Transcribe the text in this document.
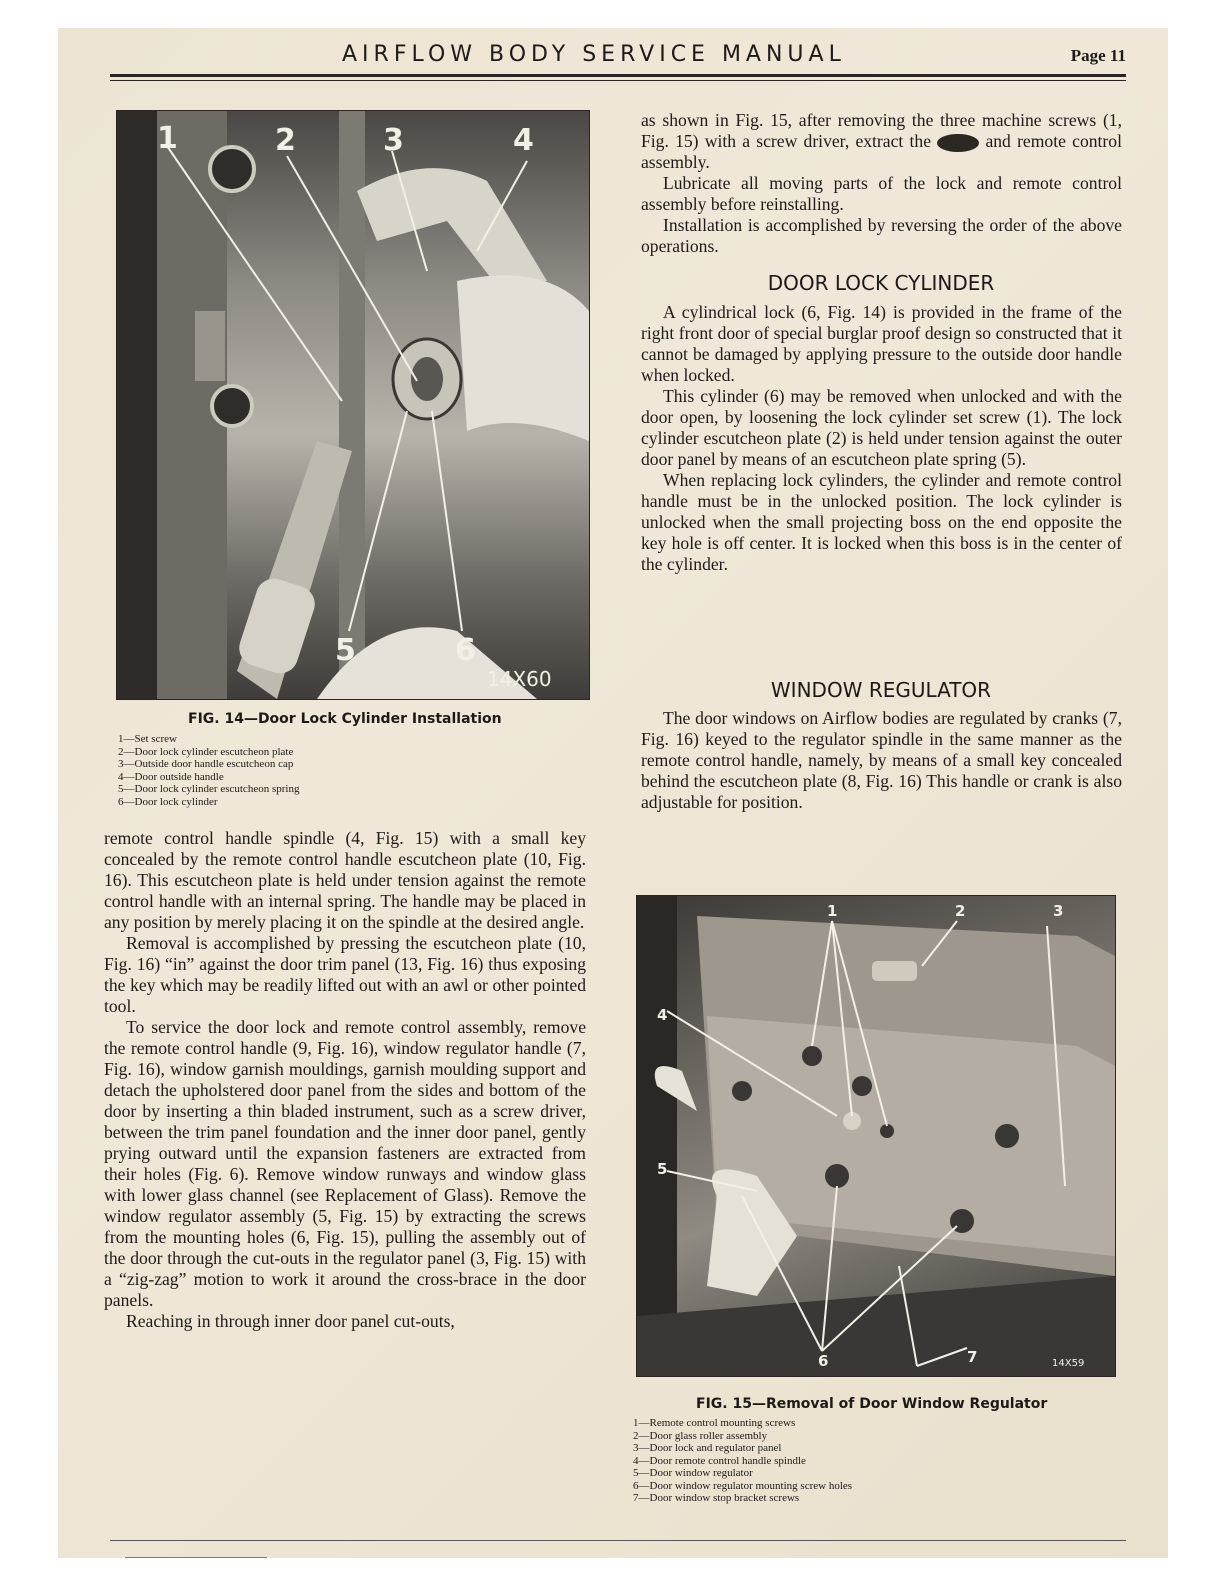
AIRFLOW BODY SERVICE MANUAL	Page 11
1	2	3	4
5	6
14X60
FIG. 14—Door Lock Cylinder Installation
1—Set screw
2—Door lock cylinder escutcheon plate
3—Outside door handle escutcheon cap
4—Door outside handle
5—Door lock cylinder escutcheon spring
6—Door lock cylinder

remote control handle spindle (4, Fig. 15) with a small key concealed by the remote control handle escutcheon plate (10, Fig. 16). This escutcheon plate is held under tension against the remote control handle with an internal spring. The handle may be placed in any position by merely placing it on the spindle at the desired angle.

Removal is accomplished by pressing the escutcheon plate (10, Fig. 16) “in” against the door trim panel (13, Fig. 16) thus exposing the key which may be readily lifted out with an awl or other pointed tool.

To service the door lock and remote control assembly, remove the remote control handle (9, Fig. 16), window regulator handle (7, Fig. 16), window garnish mouldings, garnish moulding support and detach the upholstered door panel from the sides and bottom of the door by inserting a thin bladed instrument, such as a screw driver, between the trim panel foundation and the inner door panel, gently prying outward until the expansion fasteners are extracted from their holes (Fig. 6). Remove window runways and window glass with lower glass channel (see Replacement of Glass). Remove the window regulator assembly (5, Fig. 15) by extracting the screws from the mounting holes (6, Fig. 15), pulling the assembly out of the door through the cut-outs in the regulator panel (3, Fig. 15) with a “zig-zag” motion to work it around the cross-brace in the door panels.

Reaching in through inner door panel cut-outs,

as shown in Fig. 15, after removing the three machine screws (1, Fig. 15) with a screw driver, extract the	and remote control assembly.

Lubricate all moving parts of the lock and remote control assembly before reinstalling.

Installation is accomplished by reversing the order of the above operations.

DOOR LOCK CYLINDER

A cylindrical lock (6, Fig. 14) is provided in the frame of the right front door of special burglar proof design so constructed that it cannot be damaged by applying pressure to the outside door handle when locked.

This cylinder (6) may be removed when unlocked and with the door open, by loosening the lock cylinder set screw (1). The lock cylinder escutcheon plate (2) is held under tension against the outer door panel by means of an escutcheon plate spring (5).

When replacing lock cylinders, the cylinder and remote control handle must be in the unlocked position. The lock cylinder is unlocked when the small projecting boss on the end opposite the key hole is off center. It is locked when this boss is in the center of the cylinder.

WINDOW REGULATOR

The door windows on Airflow bodies are regulated by cranks (7, Fig. 16) keyed to the regulator spindle in the same manner as the remote control handle, namely, by means of a small key concealed behind the escutcheon plate (8, Fig. 16) This handle or crank is also adjustable for position.

1	2	3
4
5
6	7	14X59
FIG. 15—Removal of Door Window Regulator
1—Remote control mounting screws
2—Door glass roller assembly
3—Door lock and regulator panel
4—Door remote control handle spindle
5—Door window regulator
6—Door window regulator mounting screw holes
7—Door window stop bracket screws
